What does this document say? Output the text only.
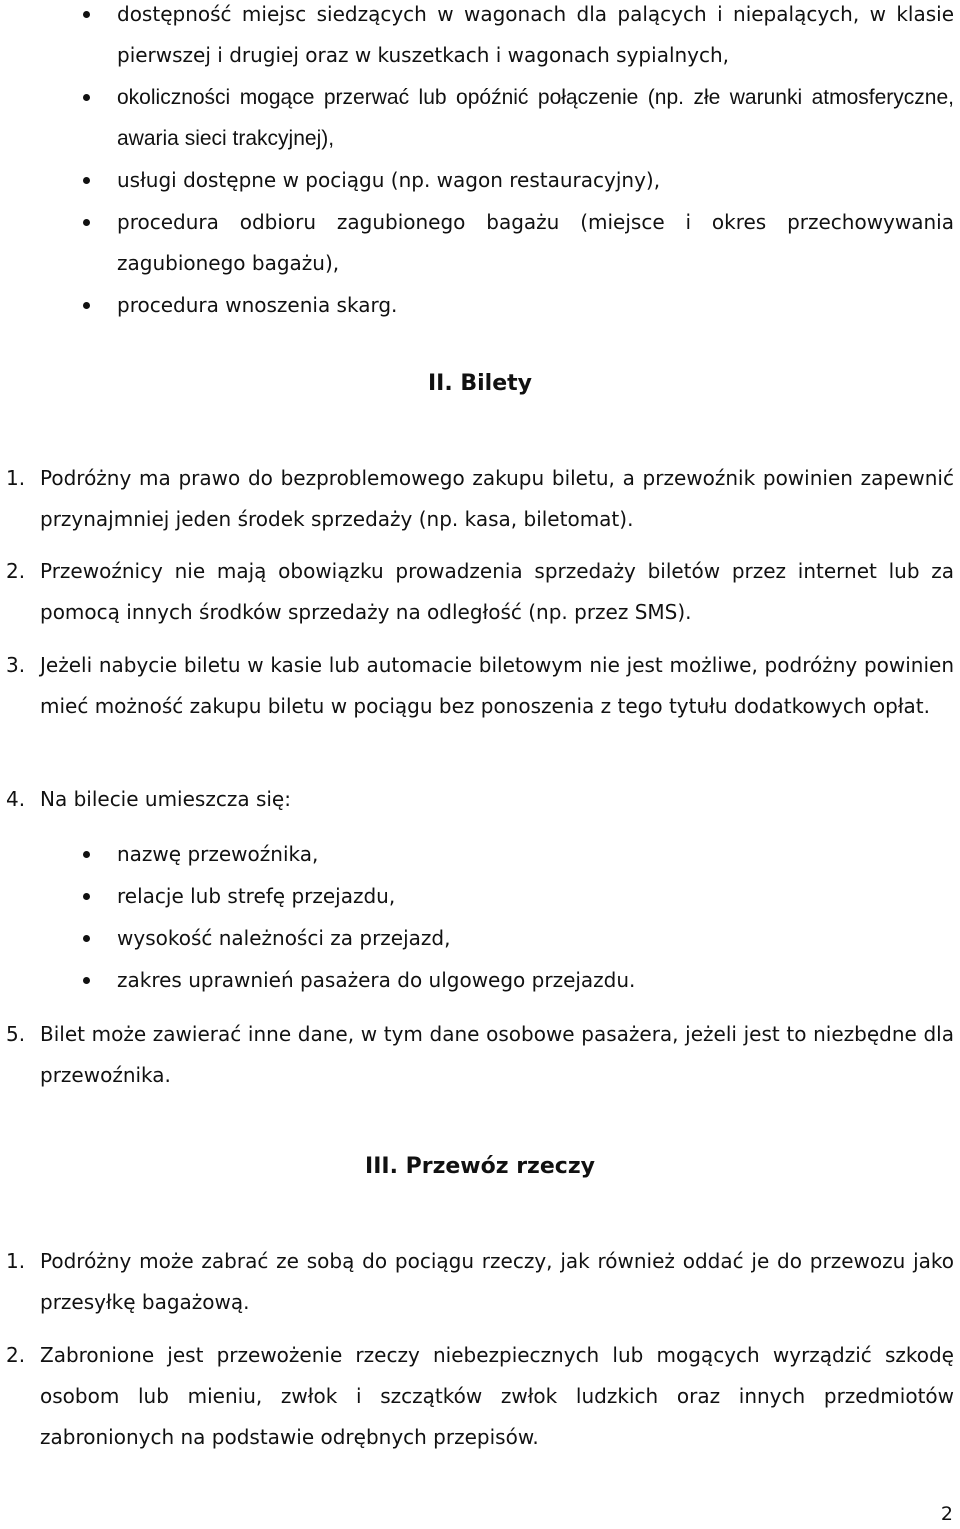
dostępność miejsc siedzących w wagonach dla palących i niepalących, w klasie pierwszej i drugiej oraz w kuszetkach i wagonach sypialnych,
okoliczności mogące przerwać lub opóźnić połączenie (np. złe warunki atmosferyczne, awaria sieci trakcyjnej),
usługi dostępne w pociągu (np. wagon restauracyjny),
procedura odbioru zagubionego bagażu (miejsce i okres przechowywania zagubionego bagażu),
procedura wnoszenia skarg.
II. Bilety
1. Podróżny ma prawo do bezproblemowego zakupu biletu, a przewoźnik powinien zapewnić przynajmniej jeden środek sprzedaży (np. kasa, biletomat).
2. Przewoźnicy nie mają obowiązku prowadzenia sprzedaży biletów przez internet lub za pomocą innych środków sprzedaży na odległość (np. przez SMS).
3. Jeżeli nabycie biletu w kasie lub automacie biletowym nie jest możliwe, podróżny powinien mieć możność zakupu biletu w pociągu bez ponoszenia z tego tytułu dodatkowych opłat.
4. Na bilecie umieszcza się:
nazwę przewoźnika,
relacje lub strefę przejazdu,
wysokość należności za przejazd,
zakres uprawnień pasażera do ulgowego przejazdu.
5. Bilet może zawierać inne dane, w tym dane osobowe pasażera, jeżeli jest to niezbędne dla przewoźnika.
III. Przewóz rzeczy
1. Podróżny może zabrać ze sobą do pociągu rzeczy, jak również oddać je do przewozu jako przesyłkę bagażową.
2. Zabronione jest przewożenie rzeczy niebezpiecznych lub mogących wyrządzić szkodę osobom lub mieniu, zwłok i szczątków zwłok ludzkich oraz innych przedmiotów zabronionych na podstawie odrębnych przepisów.
2
